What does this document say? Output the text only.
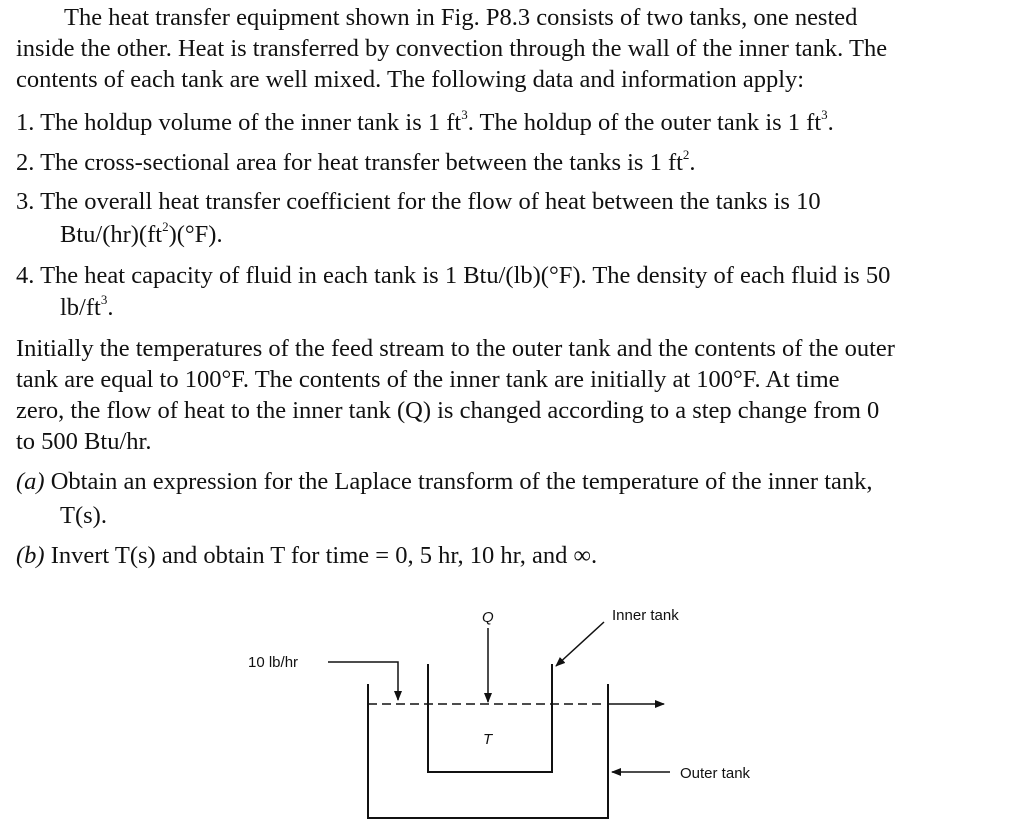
The heat transfer equipment shown in Fig. P8.3 consists of two tanks, one nested
inside the other. Heat is transferred by convection through the wall of the inner tank. The
contents of each tank are well mixed. The following data and information apply:
1. The holdup volume of the inner tank is 1 $ft^3$. The holdup of the outer tank is 1 $ft^3$.
2. The cross-sectional area for heat transfer between the tanks is 1 $ft^2$.
3. The overall heat transfer coefficient for the flow of heat between the tanks is 10
Btu/$(hr)(ft^2)(^\circ F)$.
4. The heat capacity of fluid in each tank is 1 Btu/(lb)(°F). The density of each fluid is 50
$lb/ft^3$.
Initially the temperatures of the feed stream to the outer tank and the contents of the outer
tank are equal to 100°F. The contents of the inner tank are initially at 100°F. At time
zero, the flow of heat to the inner tank (Q) is changed according to a step change from 0
to 500 Btu/hr.
(a) Obtain an expression for the Laplace transform of the temperature of the inner tank,
T(s).
(b) Invert T(s) and obtain T for time = 0, 5 hr, 10 hr, and ∞.
10 lb/hr
Q
T
Inner tank
Outer tank
